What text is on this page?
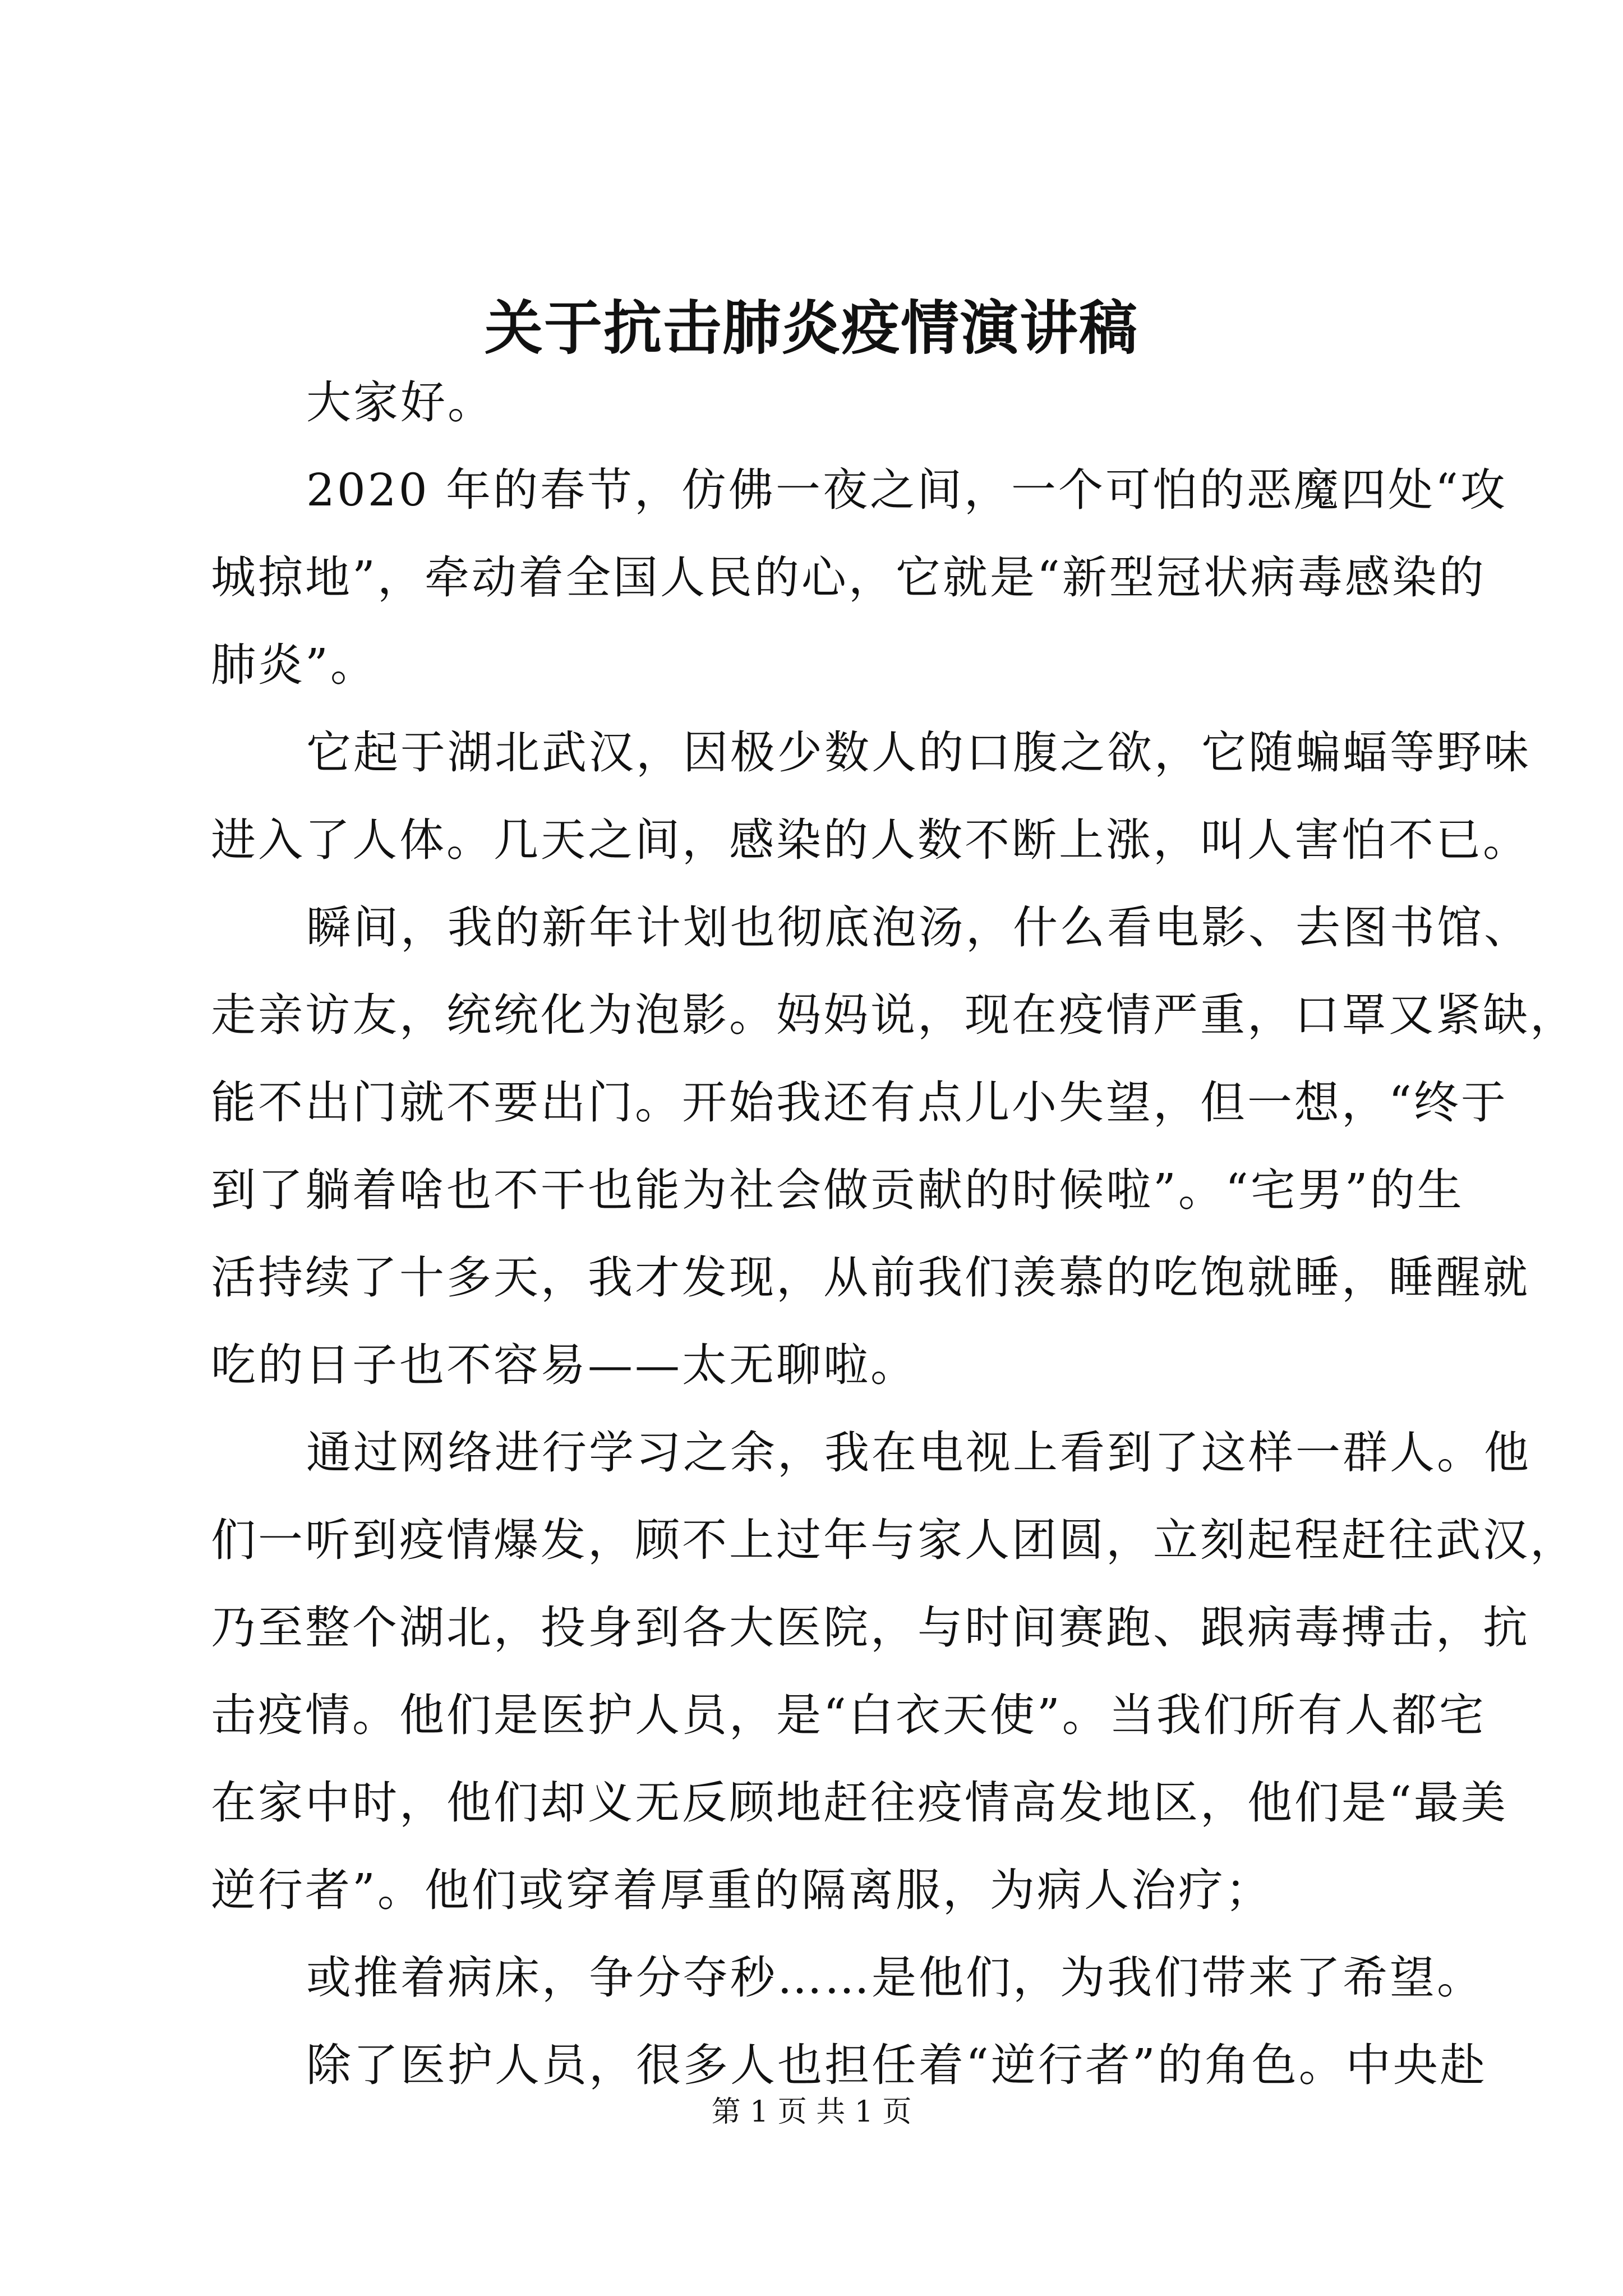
关于抗击肺炎疫情演讲稿
大家好。
2020 年的春节，仿佛一夜之间，一个可怕的恶魔四处“攻
城掠地”，牵动着全国人民的心，它就是“新型冠状病毒感染的
肺炎”。
它起于湖北武汉，因极少数人的口腹之欲，它随蝙蝠等野味
进入了人体。几天之间，感染的人数不断上涨，叫人害怕不已。
瞬间，我的新年计划也彻底泡汤，什么看电影、去图书馆、
走亲访友，统统化为泡影。妈妈说，现在疫情严重，口罩又紧缺，
能不出门就不要出门。开始我还有点儿小失望，但一想，“终于
到了躺着啥也不干也能为社会做贡献的时候啦”。“宅男”的生
活持续了十多天，我才发现，从前我们羡慕的吃饱就睡，睡醒就
吃的日子也不容易——太无聊啦。
通过网络进行学习之余，我在电视上看到了这样一群人。他
们一听到疫情爆发，顾不上过年与家人团圆，立刻起程赶往武汉，
乃至整个湖北，投身到各大医院，与时间赛跑、跟病毒搏击，抗
击疫情。他们是医护人员，是“白衣天使”。当我们所有人都宅
在家中时，他们却义无反顾地赶往疫情高发地区，他们是“最美
逆行者”。他们或穿着厚重的隔离服，为病人治疗；
或推着病床，争分夺秒……是他们，为我们带来了希望。
除了医护人员，很多人也担任着“逆行者”的角色。中央赴
第 1 页 共 1 页
